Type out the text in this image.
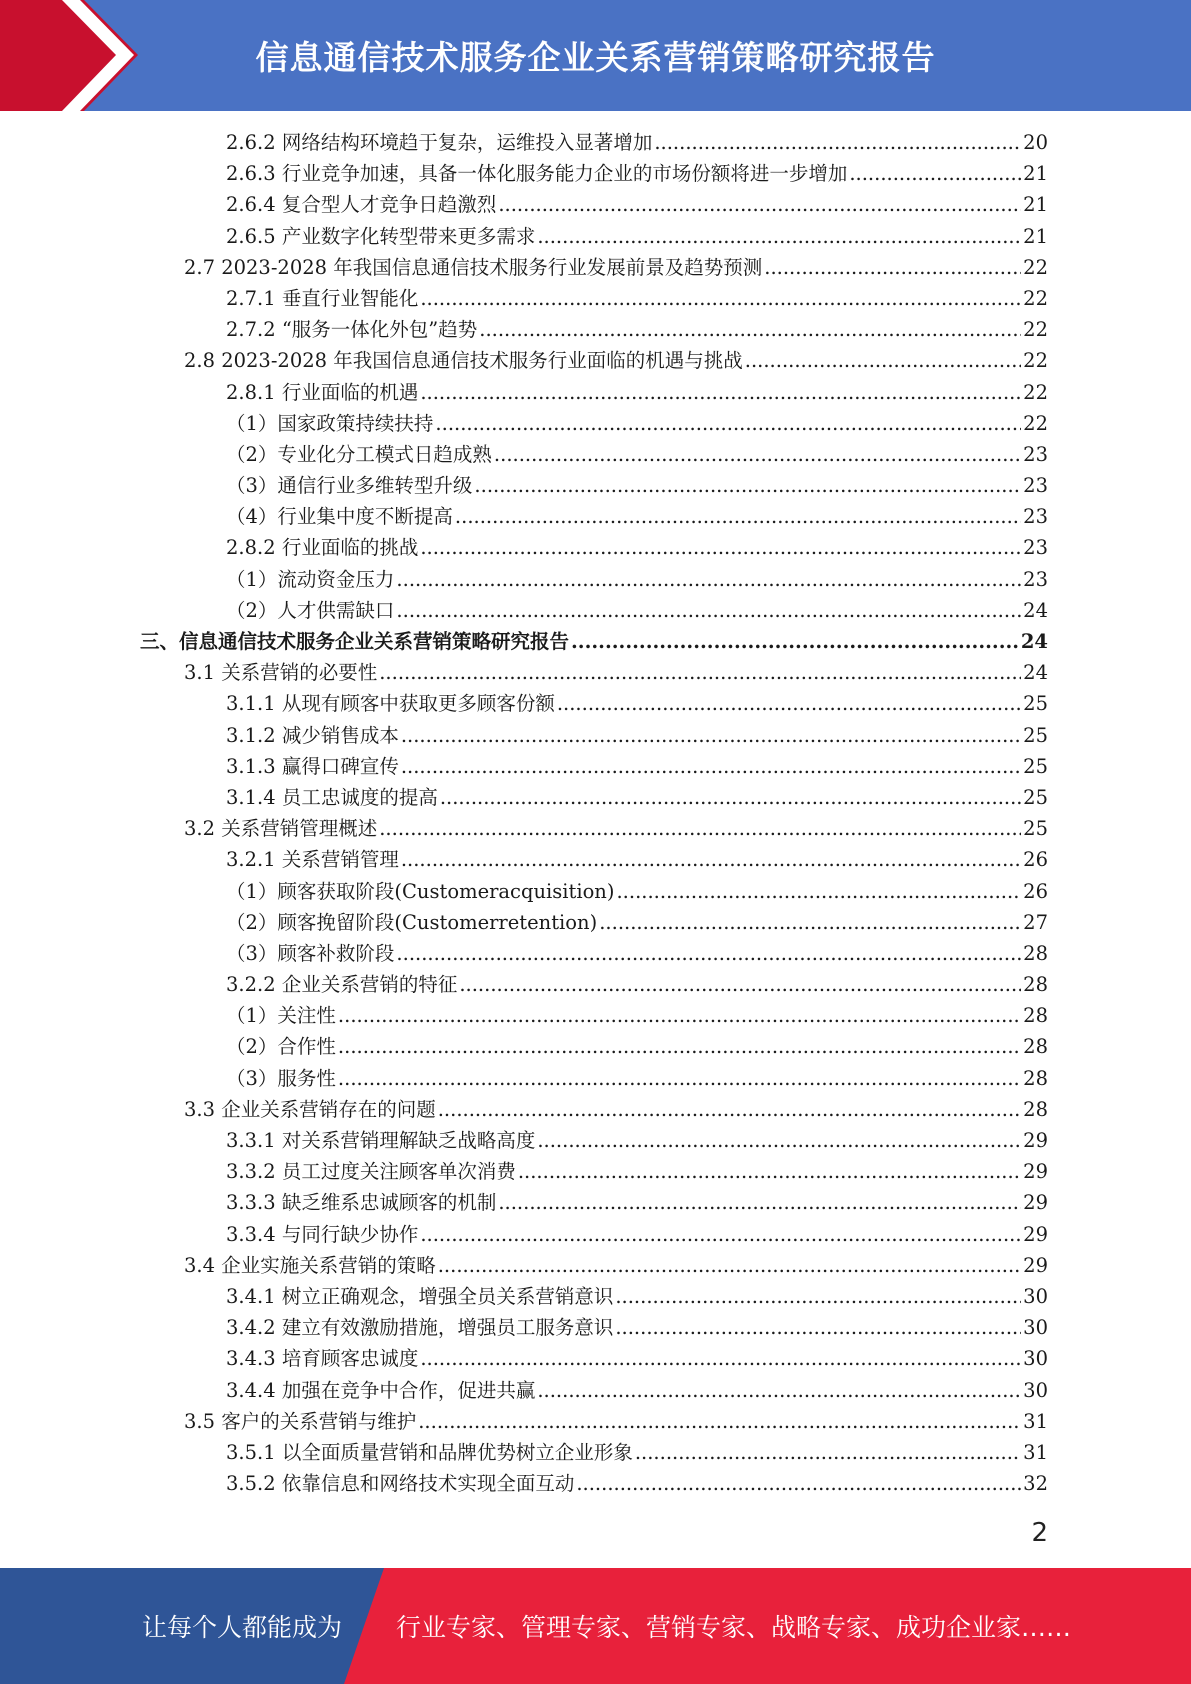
信息通信技术服务企业关系营销策略研究报告
2.6.2 网络结构环境趋于复杂，运维投入显著增加 .....	20
2.6.3 行业竞争加速，具备一体化服务能力企业的市场份额将进一步增加 .....	21
2.6.4 复合型人才竞争日趋激烈 .....	21
2.6.5 产业数字化转型带来更多需求 .....	21
2.7 2023-2028 年我国信息通信技术服务行业发展前景及趋势预测 .....	22
2.7.1 垂直行业智能化 .....	22
2.7.2 “服务一体化外包”趋势 .....	22
2.8 2023-2028 年我国信息通信技术服务行业面临的机遇与挑战 .....	22
2.8.1 行业面临的机遇 .....	22
（1）国家政策持续扶持 .....	22
（2）专业化分工模式日趋成熟 .....	23
（3）通信行业多维转型升级 .....	23
（4）行业集中度不断提高 .....	23
2.8.2 行业面临的挑战 .....	23
（1）流动资金压力 .....	23
（2）人才供需缺口 .....	24
三、信息通信技术服务企业关系营销策略研究报告 .....	24
3.1 关系营销的必要性 .....	24
3.1.1 从现有顾客中获取更多顾客份额 .....	25
3.1.2 减少销售成本 .....	25
3.1.3 赢得口碑宣传 .....	25
3.1.4 员工忠诚度的提高 .....	25
3.2 关系营销管理概述 .....	25
3.2.1 关系营销管理 .....	26
（1）顾客获取阶段(Customeracquisition) .....	26
（2）顾客挽留阶段(Customerretention) .....	27
（3）顾客补救阶段 .....	28
3.2.2 企业关系营销的特征 .....	28
（1）关注性 .....	28
（2）合作性 .....	28
（3）服务性 .....	28
3.3 企业关系营销存在的问题 .....	28
3.3.1 对关系营销理解缺乏战略高度 .....	29
3.3.2 员工过度关注顾客单次消费 .....	29
3.3.3 缺乏维系忠诚顾客的机制 .....	29
3.3.4 与同行缺少协作 .....	29
3.4 企业实施关系营销的策略 .....	29
3.4.1 树立正确观念，增强全员关系营销意识 .....	30
3.4.2 建立有效激励措施，增强员工服务意识 .....	30
3.4.3 培育顾客忠诚度 .....	30
3.4.4 加强在竞争中合作，促进共赢 .....	30
3.5 客户的关系营销与维护 .....	31
3.5.1 以全面质量营销和品牌优势树立企业形象 .....	31
3.5.2 依靠信息和网络技术实现全面互动 .....	32
2
让每个人都能成为 行业专家、管理专家、营销专家、战略专家、成功企业家……
